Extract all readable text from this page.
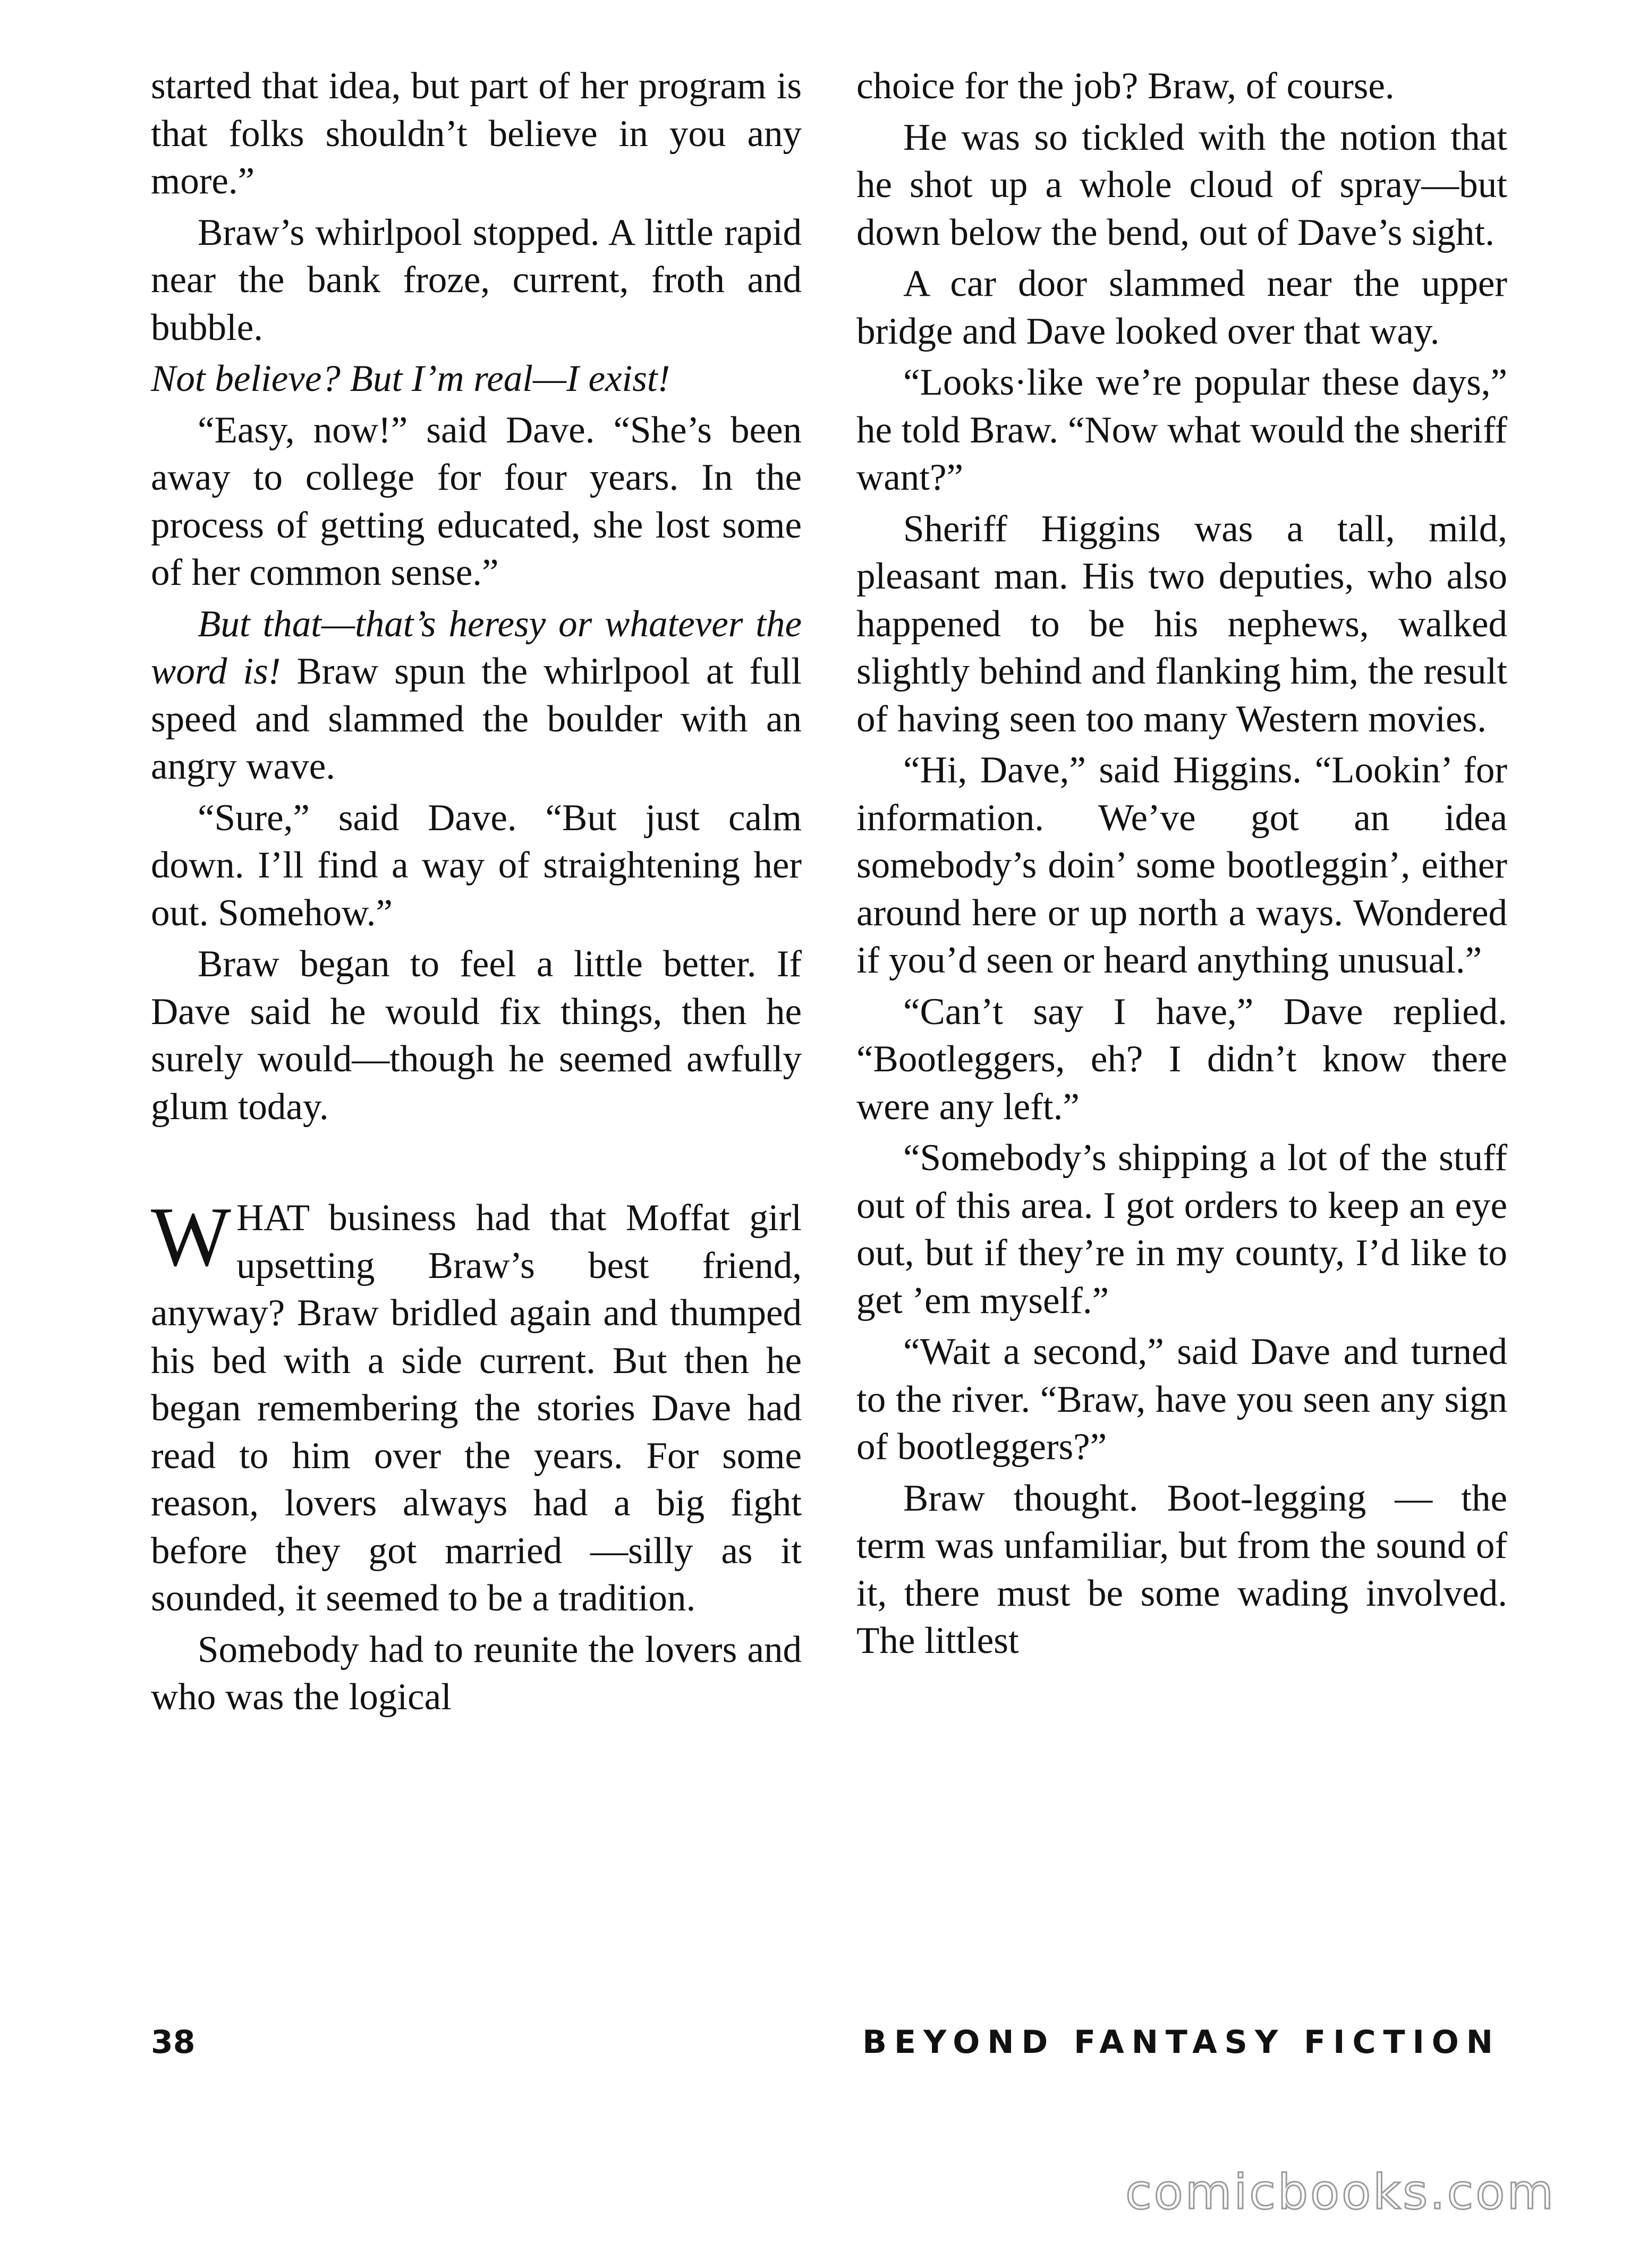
started that idea, but part of her program is that folks shouldn’t believe in you any more.”

Braw’s whirlpool stopped. A little rapid near the bank froze, current, froth and bubble.

Not believe? But I’m real—I exist!

“Easy, now!” said Dave. “She’s been away to college for four years. In the process of getting educated, she lost some of her common sense.”

But that—that’s heresy or whatever the word is! Braw spun the whirlpool at full speed and slammed the boulder with an angry wave.

“Sure,” said Dave. “But just calm down. I’ll find a way of straightening her out. Somehow.”

Braw began to feel a little better. If Dave said he would fix things, then he surely would—though he seemed awfully glum today.

WHAT business had that Moffat girl upsetting Braw’s best friend, anyway? Braw bridled again and thumped his bed with a side current. But then he began remembering the stories Dave had read to him over the years. For some reason, lovers always had a big fight before they got married —silly as it sounded, it seemed to be a tradition.

Somebody had to reunite the lovers and who was the logical

choice for the job? Braw, of course.

He was so tickled with the notion that he shot up a whole cloud of spray—but down below the bend, out of Dave’s sight.

A car door slammed near the upper bridge and Dave looked over that way.

“Looks·like we’re popular these days,” he told Braw. “Now what would the sheriff want?”

Sheriff Higgins was a tall, mild, pleasant man. His two deputies, who also happened to be his nephews, walked slightly behind and flanking him, the result of having seen too many Western movies.

“Hi, Dave,” said Higgins. “Lookin’ for information. We’ve got an idea somebody’s doin’ some bootleggin’, either around here or up north a ways. Wondered if you’d seen or heard anything unusual.”

“Can’t say I have,” Dave replied. “Bootleggers, eh? I didn’t know there were any left.”

“Somebody’s shipping a lot of the stuff out of this area. I got orders to keep an eye out, but if they’re in my county, I’d like to get ’em myself.”

“Wait a second,” said Dave and turned to the river. “Braw, have you seen any sign of bootleggers?”

Braw thought. Boot-legging — the term was unfamiliar, but from the sound of it, there must be some wading involved. The littlest

38	BEYOND FANTASY FICTION
comicbooks.com
